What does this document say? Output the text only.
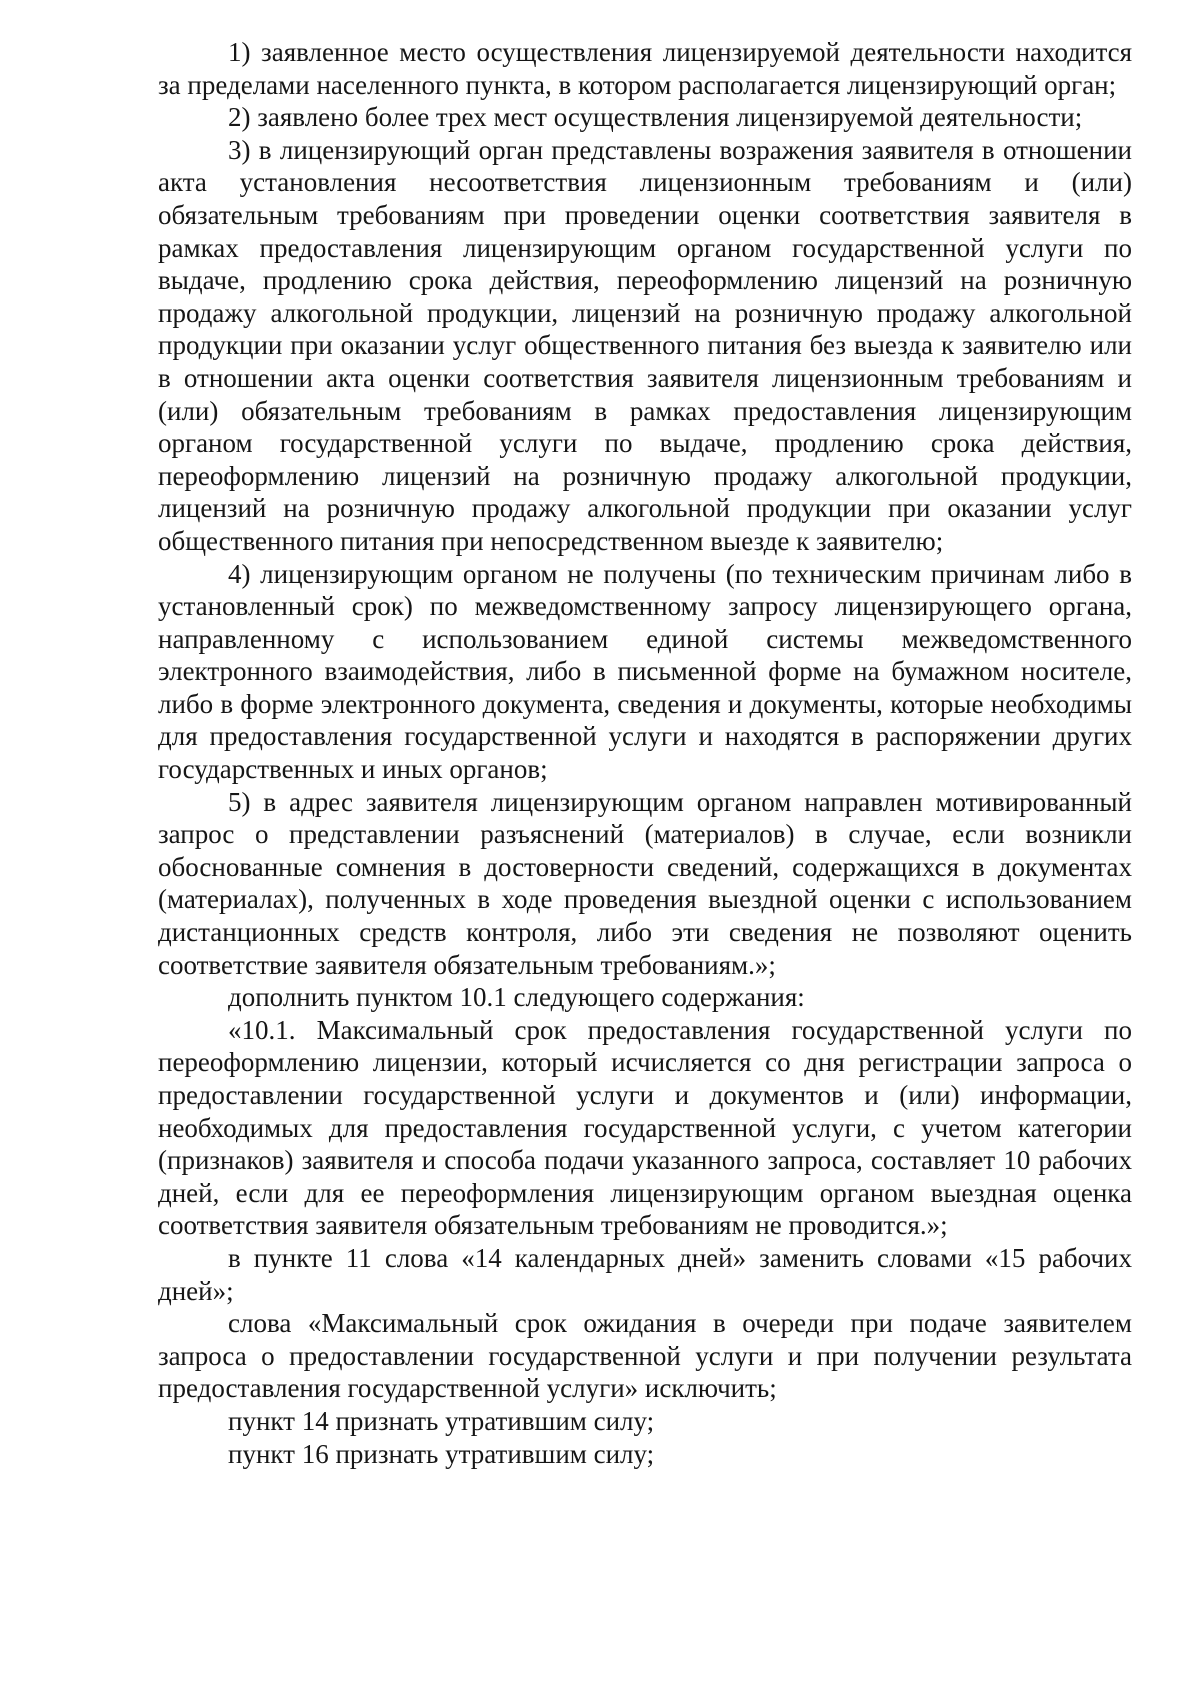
1) заявленное место осуществления лицензируемой деятельности находится за пределами населенного пункта, в котором располагается лицензирующий орган;

2) заявлено более трех мест осуществления лицензируемой деятельности;

3) в лицензирующий орган представлены возражения заявителя в отношении акта установления несоответствия лицензионным требованиям и (или) обязательным требованиям при проведении оценки соответствия заявителя в рамках предоставления лицензирующим органом государственной услуги по выдаче, продлению срока действия, переоформлению лицензий на розничную продажу алкогольной продукции, лицензий на розничную продажу алкогольной продукции при оказании услуг общественного питания без выезда к заявителю или в отношении акта оценки соответствия заявителя лицензионным требованиям и (или) обязательным требованиям в рамках предоставления лицензирующим органом государственной услуги по выдаче, продлению срока действия, переоформлению лицензий на розничную продажу алкогольной продукции, лицензий на розничную продажу алкогольной продукции при оказании услуг общественного питания при непосредственном выезде к заявителю;

4) лицензирующим органом не получены (по техническим причинам либо в установленный срок) по межведомственному запросу лицензирующего органа, направленному с использованием единой системы межведомственного электронного взаимодействия, либо в письменной форме на бумажном носителе, либо в форме электронного документа, сведения и документы, которые необходимы для предоставления государственной услуги и находятся в распоряжении других государственных и иных органов;

5) в адрес заявителя лицензирующим органом направлен мотивированный запрос о представлении разъяснений (материалов) в случае, если возникли обоснованные сомнения в достоверности сведений, содержащихся в документах (материалах), полученных в ходе проведения выездной оценки с использованием дистанционных средств контроля, либо эти сведения не позволяют оценить соответствие заявителя обязательным требованиям.»;

дополнить пунктом 10.1 следующего содержания:

«10.1. Максимальный срок предоставления государственной услуги по переоформлению лицензии, который исчисляется со дня регистрации запроса о предоставлении государственной услуги и документов и (или) информации, необходимых для предоставления государственной услуги, с учетом категории (признаков) заявителя и способа подачи указанного запроса, составляет 10 рабочих дней, если для ее переоформления лицензирующим органом выездная оценка соответствия заявителя обязательным требованиям не проводится.»;

в пункте 11 слова «14 календарных дней» заменить словами «15 рабочих дней»;

слова «Максимальный срок ожидания в очереди при подаче заявителем запроса о предоставлении государственной услуги и при получении результата предоставления государственной услуги» исключить;

пункт 14 признать утратившим силу;

пункт 16 признать утратившим силу;
